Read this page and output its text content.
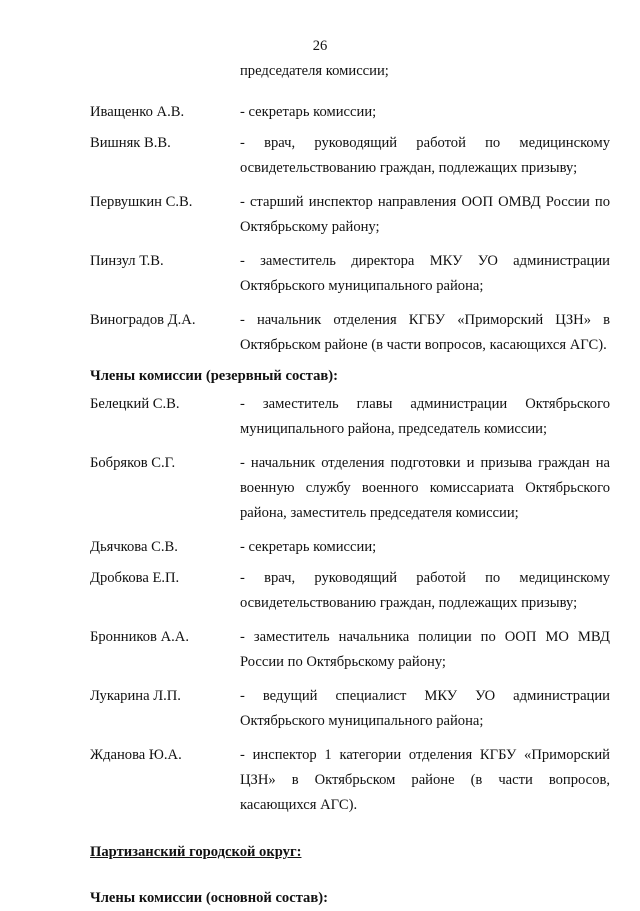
26
председателя комиссии;
Иващенко А.В.	- секретарь комиссии;
Вишняк В.В.	- врач, руководящий работой по медицинскому освидетельствованию граждан, подлежащих призыву;
Первушкин С.В.	- старший инспектор направления ООП ОМВД России по Октябрьскому району;
Пинзул Т.В.	- заместитель директора МКУ УО администрации Октябрьского муниципального района;
Виноградов Д.А.	- начальник отделения КГБУ «Приморский ЦЗН» в Октябрьском районе (в части вопросов, касающихся АГС).
Члены комиссии (резервный состав):
Белецкий С.В.	- заместитель главы администрации Октябрьского муниципального района, председатель комиссии;
Бобряков С.Г.	- начальник отделения подготовки и призыва граждан на военную службу военного комиссариата Октябрьского района, заместитель председателя комиссии;
Дьячкова С.В.	- секретарь комиссии;
Дробкова Е.П.	- врач, руководящий работой по медицинскому освидетельствованию граждан, подлежащих призыву;
Бронников А.А.	- заместитель начальника полиции по ООП МО МВД России по Октябрьскому району;
Лукарина Л.П.	- ведущий специалист МКУ УО администрации Октябрьского муниципального района;
Жданова Ю.А.	- инспектор 1 категории отделения КГБУ «Приморский ЦЗН» в Октябрьском районе (в части вопросов, касающихся АГС).
Партизанский городской округ:
Члены комиссии (основной состав):
